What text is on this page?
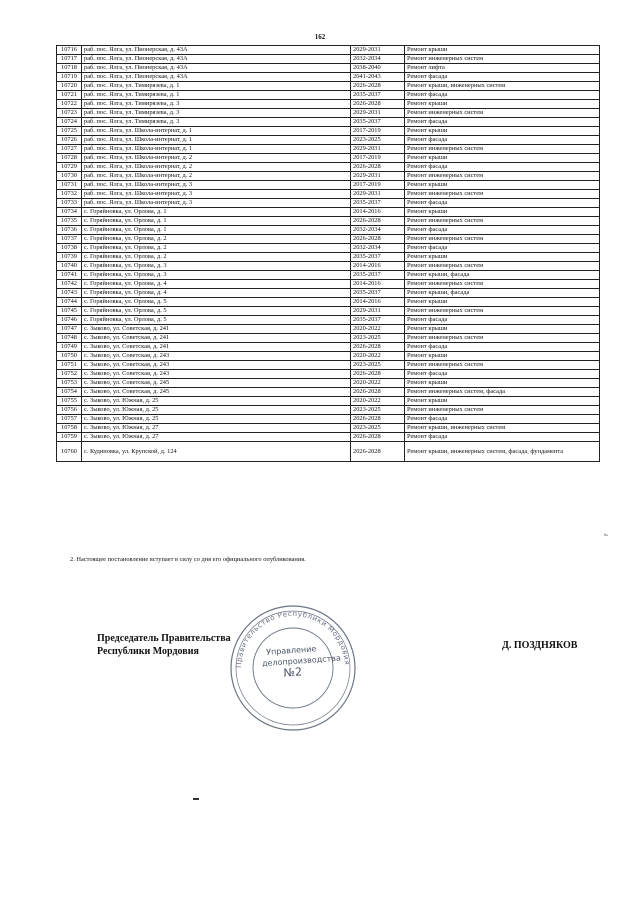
162
10716	раб. пос. Ялга, ул. Пионерская, д. 43А	2029-2031	Ремонт крыши
10717	раб. пос. Ялга, ул. Пионерская, д. 43А	2032-2034	Ремонт инженерных систем
10718	раб. пос. Ялга, ул. Пионерская, д. 43А	2038-2040	Ремонт лифта
10719	раб. пос. Ялга, ул. Пионерская, д. 43А	2041-2043	Ремонт фасада
10720	раб. пос. Ялга, ул. Тимирязева, д. 1	2026-2028	Ремонт крыши, инженерных систем
10721	раб. пос. Ялга, ул. Тимирязева, д. 1	2035-2037	Ремонт фасада
10722	раб. пос. Ялга, ул. Тимирязева, д. 3	2026-2028	Ремонт крыши
10723	раб. пос. Ялга, ул. Тимирязева, д. 3	2029-2031	Ремонт инженерных систем
10724	раб. пос. Ялга, ул. Тимирязева, д. 3	2035-2037	Ремонт фасада
10725	раб. пос. Ялга, ул. Школа-интернат, д. 1	2017-2019	Ремонт крыши
10726	раб. пос. Ялга, ул. Школа-интернат, д. 1	2023-2025	Ремонт фасада
10727	раб. пос. Ялга, ул. Школа-интернат, д. 1	2029-2031	Ремонт инженерных систем
10728	раб. пос. Ялга, ул. Школа-интернат, д. 2	2017-2019	Ремонт крыши
10729	раб. пос. Ялга, ул. Школа-интернат, д. 2	2026-2028	Ремонт фасада
10730	раб. пос. Ялга, ул. Школа-интернат, д. 2	2029-2031	Ремонт инженерных систем
10731	раб. пос. Ялга, ул. Школа-интернат, д. 3	2017-2019	Ремонт крыши
10732	раб. пос. Ялга, ул. Школа-интернат, д. 3	2029-2031	Ремонт инженерных систем
10733	раб. пос. Ялга, ул. Школа-интернат, д. 3	2035-2037	Ремонт фасада
10734	с. Горяйновка, ул. Орлова, д. 1	2014-2016	Ремонт крыши
10735	с. Горяйновка, ул. Орлова, д. 1	2026-2028	Ремонт инженерных систем
10736	с. Горяйновка, ул. Орлова, д. 1	2032-2034	Ремонт фасада
10737	с. Горяйновка, ул. Орлова, д. 2	2026-2028	Ремонт инженерных систем
10738	с. Горяйновка, ул. Орлова, д. 2	2032-2034	Ремонт фасада
10739	с. Горяйновка, ул. Орлова, д. 2	2035-2037	Ремонт крыши
10740	с. Горяйновка, ул. Орлова, д. 3	2014-2016	Ремонт инженерных систем
10741	с. Горяйновка, ул. Орлова, д. 3	2035-2037	Ремонт крыши, фасада
10742	с. Горяйновка, ул. Орлова, д. 4	2014-2016	Ремонт инженерных систем
10743	с. Горяйновка, ул. Орлова, д. 4	2035-2037	Ремонт крыши, фасада
10744	с. Горяйновка, ул. Орлова, д. 5	2014-2016	Ремонт крыши
10745	с. Горяйновка, ул. Орлова, д. 5	2029-2031	Ремонт инженерных систем
10746	с. Горяйновка, ул. Орлова, д. 5	2035-2037	Ремонт фасада
10747	с. Зыково, ул. Советская, д. 241	2020-2022	Ремонт крыши
10748	с. Зыково, ул. Советская, д. 241	2023-2025	Ремонт инженерных систем
10749	с. Зыково, ул. Советская, д. 241	2026-2028	Ремонт фасада
10750	с. Зыково, ул. Советская, д. 243	2020-2022	Ремонт крыши
10751	с. Зыково, ул. Советская, д. 243	2023-2025	Ремонт инженерных систем
10752	с. Зыково, ул. Советская, д. 243	2026-2028	Ремонт фасада
10753	с. Зыково, ул. Советская, д. 245	2020-2022	Ремонт крыши
10754	с. Зыково, ул. Советская, д. 245	2026-2028	Ремонт инженерных систем, фасада
10755	с. Зыково, ул. Южная, д. 25	2020-2022	Ремонт крыши
10756	с. Зыково, ул. Южная, д. 25	2023-2025	Ремонт инженерных систем
10757	с. Зыково, ул. Южная, д. 25	2026-2028	Ремонт фасада
10758	с. Зыково, ул. Южная, д. 27	2023-2025	Ремонт крыши, инженерных систем
10759	с. Зыково, ул. Южная, д. 27	2026-2028	Ремонт фасада
10760	с. Кудиновка, ул. Крупской, д. 124	2026-2028	Ремонт крыши, инженерных систем, фасада, фундамента
».
2. Настоящее постановление вступает в силу со дня его официального опубликования.
Правительство Республики Мордовия
Управление
делопроизводства
№2
Председатель Правительства
Республики Мордовия
Д. ПОЗДНЯКОВ
